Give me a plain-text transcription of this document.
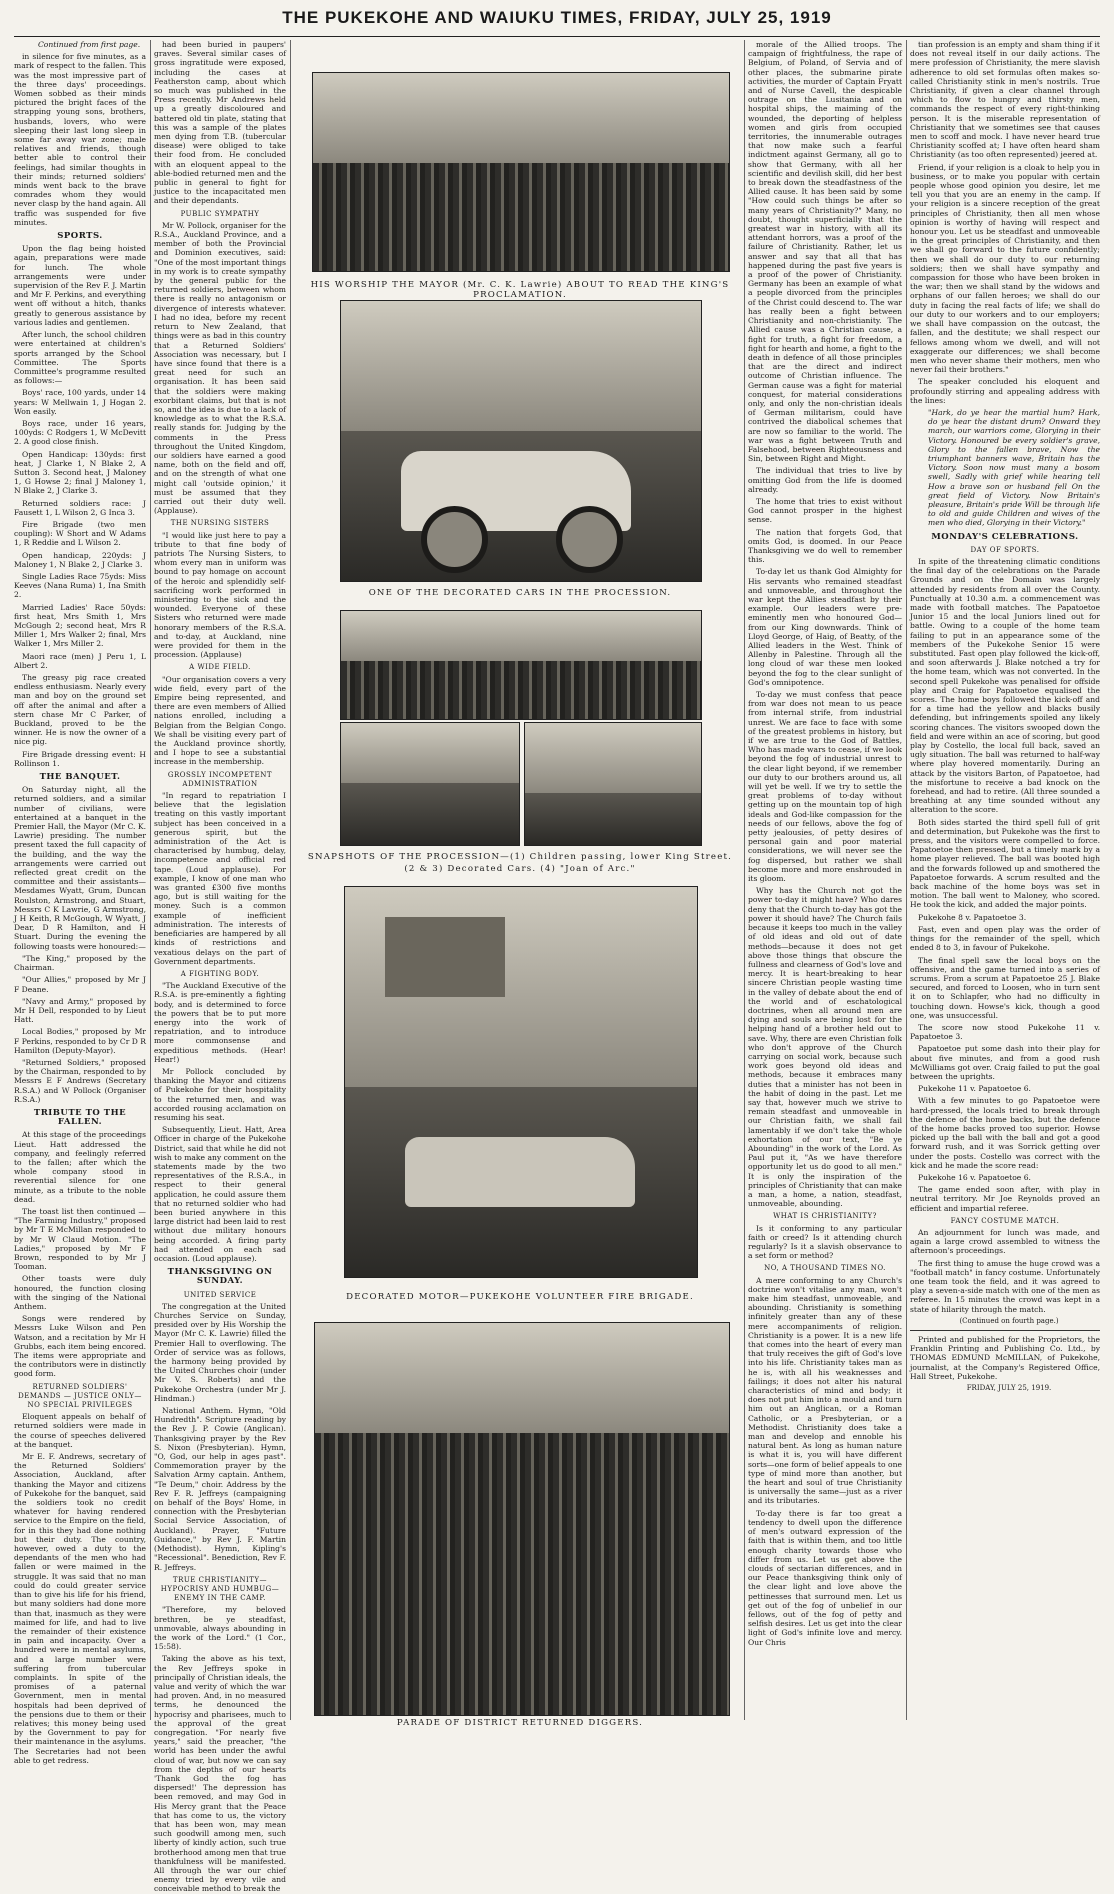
THE PUKEKOHE AND WAIUKU TIMES, FRIDAY, JULY 25, 1919

Continued from first page.

in silence for five minutes, as a mark of respect to the fallen. This was the most impressive part of the three days' proceedings. Women sobbed as their minds pictured the bright faces of the strapping young sons, brothers, husbands, lovers, who were sleeping their last long sleep in some far away war zone; male relatives and friends, though better able to control their feelings, had similar thoughts in their minds; returned soldiers' minds went back to the brave comrades whom they would never clasp by the hand again. All traffic was suspended for five minutes.

SPORTS.

Upon the flag being hoisted again, preparations were made for lunch. The whole arrangements were under supervision of the Rev F. J. Martin and Mr F. Perkins, and everything went off without a hitch, thanks greatly to generous assistance by various ladies and gentlemen.

After lunch, the school children were entertained at children's sports arranged by the School Committee. The Sports Committee's programme resulted as follows:—

Boys' race, 100 yards, under 14 years: W Mellwain 1, J Hogan 2. Won easily.

Boys race, under 16 years, 100yds: C Rodgers 1, W McDevitt 2. A good close finish.

Open Handicap: 130yds: first heat, J Clarke 1, N Blake 2, A Sutton 3. Second heat, J Maloney 1, G Howse 2; final J Maloney 1, N Blake 2, J Clarke 3.

Returned soldiers race: J Fausett 1, L Wilson 2, G Inca 3.

Fire Brigade (two men coupling): W Short and W Adams 1, R Reddie and L Wilson 2.

Open handicap, 220yds: J Maloney 1, N Blake 2, J Clarke 3.

Single Ladies Race 75yds: Miss Keeves (Nana Ruma) 1, Ina Smith 2.

Married Ladies' Race 50yds: first heat, Mrs Smith 1, Mrs McGough 2; second heat, Mrs R Miller 1, Mrs Walker 2; final, Mrs Walker 1, Mrs Miller 2.

Maori race (men) J Peru 1, L Albert 2.

The greasy pig race created endless enthusiasm. Nearly every man and boy on the ground set off after the animal and after a stern chase Mr C Parker, of Buckland, proved to be the winner. He is now the owner of a nice pig.

Fire Brigade dressing event: H Rollinson 1.

THE BANQUET.

On Saturday night, all the returned soldiers, and a similar number of civilians, were entertained at a banquet in the Premier Hall, the Mayor (Mr C. K. Lawrie) presiding. The number present taxed the full capacity of the building, and the way the arrangements were carried out reflected great credit on the committee and their assistants—Mesdames Wyatt, Grum, Duncan Roulston, Armstrong, and Stuart, Messrs C K Lawrie, G Armstrong, J H Keith, R McGough, W Wyatt, J Dear, D R Hamilton, and H Stuart. During the evening the following toasts were honoured:—

"The King," proposed by the Chairman.

"Our Allies," proposed by Mr J F Deane.

"Navy and Army," proposed by Mr H Dell, responded to by Lieut Hatt.

Local Bodies," proposed by Mr F Perkins, responded to by Cr D R Hamilton (Deputy-Mayor).

"Returned Soldiers," proposed by the Chairman, responded to by Messrs E F Andrews (Secretary R.S.A.) and W Pollock (Organiser R.S.A.)

TRIBUTE TO THE FALLEN.

At this stage of the proceedings Lieut. Hatt addressed the company, and feelingly referred to the fallen; after which the whole company stood in reverential silence for one minute, as a tribute to the noble dead.

The toast list then continued — "The Farming Industry," proposed by Mr T E McMillan responded to by Mr W Claud Motion. "The Ladies," proposed by Mr F Brown, responded to by Mr J Tooman.

Other toasts were duly honoured, the function closing with the singing of the National Anthem.

Songs were rendered by Messrs Luke Wilson and Pen Watson, and a recitation by Mr H Grubbs, each item being encored. The items were appropriate and the contributors were in distinctly good form.

RETURNED SOLDIERS' DEMANDS — JUSTICE ONLY—NO SPECIAL PRIVILEGES

Eloquent appeals on behalf of returned soldiers were made in the course of speeches delivered at the banquet.

Mr E. F. Andrews, secretary of the Returned Soldiers' Association, Auckland, after thanking the Mayor and citizens of Pukekohe for the banquet, said the soldiers took no credit whatever for having rendered service to the Empire on the field, for in this they had done nothing but their duty. The country, however, owed a duty to the dependants of the men who had fallen or were maimed in the struggle. It was said that no man could do could greater service than to give his life for his friend, but many soldiers had done more than that, inasmuch as they were maimed for life, and had to live the remainder of their existence in pain and incapacity. Over a hundred were in mental asylums, and a large number were suffering from tubercular complaints. In spite of the promises of a paternal Government, men in mental hospitals had been deprived of the pensions due to them or their relatives; this money being used by the Government to pay for their maintenance in the asylums. The Secretaries had not been able to get redress.

had been buried in paupers' graves. Several similar cases of gross ingratitude were exposed, including the cases at Featherston camp, about which so much was published in the Press recently. Mr Andrews held up a greatly discoloured and battered old tin plate, stating that this was a sample of the plates men dying from T.B. (tubercular disease) were obliged to take their food from. He concluded with an eloquent appeal to the able-bodied returned men and the public in general to fight for justice to the incapacitated men and their dependants.

PUBLIC SYMPATHY

Mr W. Pollock, organiser for the R.S.A., Auckland Province, and a member of both the Provincial and Dominion executives, said: "One of the most important things in my work is to create sympathy by the general public for the returned soldiers, between whom there is really no antagonism or divergence of interests whatever. I had no idea, before my recent return to New Zealand, that things were as bad in this country that a Returned Soldiers' Association was necessary, but I have since found that there is a great need for such an organisation. It has been said that the soldiers were making exorbitant claims, but that is not so, and the idea is due to a lack of knowledge as to what the R.S.A. really stands for. Judging by the comments in the Press throughout the United Kingdom, our soldiers have earned a good name, both on the field and off, and on the strength of what one might call 'outside opinion,' it must be assumed that they carried out their duty well. (Applause).

THE NURSING SISTERS

"I would like just here to pay a tribute to that fine body of patriots The Nursing Sisters, to whom every man in uniform was bound to pay homage on account of the heroic and splendidly self-sacrificing work performed in ministering to the sick and the wounded. Everyone of these Sisters who returned were made honorary members of the R.S.A. and to-day, at Auckland, nine were provided for them in the procession. (Applause)

A WIDE FIELD.

"Our organisation covers a very wide field, every part of the Empire being represented, and there are even members of Allied nations enrolled, including a Belgian from the Belgian Congo. We shall be visiting every part of the Auckland province shortly, and I hope to see a substantial increase in the membership.

GROSSLY INCOMPETENT ADMINISTRATION

"In regard to repatriation I believe that the legislation treating on this vastly important subject has been conceived in a generous spirit, but the administration of the Act is characterised by humbug, delay, incompetence and official red tape. (Loud applause). For example, I know of one man who was granted £300 five months ago, but is still waiting for the money. Such is a common example of inefficient administration. The interests of beneficiaries are hampered by all kinds of restrictions and vexatious delays on the part of Government departments.

A FIGHTING BODY.

"The Auckland Executive of the R.S.A. is pre-eminently a fighting body, and is determined to force the powers that be to put more energy into the work of repatriation, and to introduce more commonsense and expeditious methods. (Hear! Hear!)

Mr Pollock concluded by thanking the Mayor and citizens of Pukekohe for their hospitality to the returned men, and was accorded rousing acclamation on resuming his seat.

Subsequently, Lieut. Hatt, Area Officer in charge of the Pukekohe District, said that while he did not wish to make any comment on the statements made by the two representatives of the R.S.A., in respect to their general application, he could assure them that no returned soldier who had been buried anywhere in this large district had been laid to rest without due military honours being accorded. A firing party had attended on each sad occasion. (Loud applause).

THANKSGIVING ON SUNDAY.
UNITED SERVICE

The congregation at the United Churches Service on Sunday, presided over by His Worship the Mayor (Mr C. K. Lawrie) filled the Premier Hall to overflowing. The Order of service was as follows, the harmony being provided by the United Churches choir (under Mr V. S. Roberts) and the Pukekohe Orchestra (under Mr J. Hindman.)

National Anthem. Hymn, "Old Hundredth". Scripture reading by the Rev J. P. Cowie (Anglican). Thanksgiving prayer by the Rev S. Nixon (Presbyterian). Hymn, "O, God, our help in ages past". Commemoration prayer by the Salvation Army captain. Anthem, "Te Deum," choir. Address by the Rev F. R. Jeffreys (campaigning on behalf of the Boys' Home, in connection with the Presbyterian Social Service Association, of Auckland). Prayer, "Future Guidance," by Rev J. F. Martin (Methodist). Hymn, Kipling's "Recessional". Benediction, Rev F. R. Jeffreys.

TRUE CHRISTIANITY—HYPOCRISY AND HUMBUG—ENEMY IN THE CAMP.

"Therefore, my beloved brethren, be ye steadfast, unmovable, always abounding in the work of the Lord." (1 Cor., 15:58).

Taking the above as his text, the Rev Jeffreys spoke in principally of Christian ideals, the value and verity of which the war had proven. And, in no measured terms, he denounced the hypocrisy and pharisees, much to the approval of the great congregation. "For nearly five years," said the preacher, "the world has been under the awful cloud of war, but now we can say from the depths of our hearts 'Thank God the fog has dispersed!' The depression has been removed, and may God in His Mercy grant that the Peace that has come to us, the victory that has been won, may mean such goodwill among men, such liberty of kindly action, such true brotherhood among men that true thankfulness will be manifested. All through the war our chief enemy tried by every vile and conceivable method to break the

HIS WORSHIP THE MAYOR (Mr. C. K. Lawrie) ABOUT TO READ THE KING'S PROCLAMATION.
ONE OF THE DECORATED CARS IN THE PROCESSION.
SNAPSHOTS OF THE PROCESSION—(1) Children passing, lower King Street.
(2 & 3) Decorated Cars. (4) "Joan of Arc."
DECORATED MOTOR—PUKEKOHE VOLUNTEER FIRE BRIGADE.
PARADE OF DISTRICT RETURNED DIGGERS.

morale of the Allied troops. The campaign of frightfulness, the rape of Belgium, of Poland, of Servia and of other places, the submarine pirate activities, the murder of Captain Fryatt and of Nurse Cavell, the despicable outrage on the Lusitania and on hospital ships, the maiming of the wounded, the deporting of helpless women and girls from occupied territories, the innumerable outrages that now make such a fearful indictment against Germany, all go to show that Germany, with all her scientific and devilish skill, did her best to break down the steadfastness of the Allied cause. It has been said by some "How could such things be after so many years of Christianity?" Many, no doubt, thought superficially that the greatest war in history, with all its attendant horrors, was a proof of the failure of Christianity. Rather, let us answer and say that all that has happened during the past five years is a proof of the power of Christianity. Germany has been an example of what a people divorced from the principles of the Christ could descend to. The war has really been a fight between Christianity and non-christianity. The Allied cause was a Christian cause, a fight for truth, a fight for freedom, a fight for hearth and home, a fight to the death in defence of all those principles that are the direct and indirect outcome of Christian influence. The German cause was a fight for material conquest, for material considerations only, and only the non-christian ideals of German militarism, could have contrived the diabolical schemes that are now so familiar to the world. The war was a fight between Truth and Falsehood, between Righteousness and Sin, between Right and Might.

The individual that tries to live by omitting God from the life is doomed already.

The home that tries to exist without God cannot prosper in the highest sense.

The nation that forgets God, that omits God, is doomed. In our Peace Thanksgiving we do well to remember this.

To-day let us thank God Almighty for His servants who remained steadfast and unmoveable, and throughout the war kept the Allies steadfast by their example. Our leaders were pre-eminently men who honoured God—from our King downwards. Think of Lloyd George, of Haig, of Beatty, of the Allied leaders in the West. Think of Allenby in Palestine. Through all the long cloud of war these men looked beyond the fog to the clear sunlight of God's omnipotence.

To-day we must confess that peace from war does not mean to us peace from internal strife, from industrial unrest. We are face to face with some of the greatest problems in history, but if we are true to the God of Battles, Who has made wars to cease, if we look beyond the fog of industrial unrest to the clear light beyond, if we remember our duty to our brothers around us, all will yet be well. If we try to settle the great problems of to-day without getting up on the mountain top of high ideals and God-like compassion for the needs of our fellows, above the fog of petty jealousies, of petty desires of personal gain and poor material considerations, we will never see the fog dispersed, but rather we shall become more and more enshrouded in its gloom.

Why has the Church not got the power to-day it might have? Who dares deny that the Church to-day has got the power it should have? The Church fails because it keeps too much in the valley of old ideas and old out of date methods—because it does not get above those things that obscure the fullness and clearness of God's love and mercy. It is heart-breaking to hear sincere Christian people wasting time in the valley of debate about the end of the world and of eschatological doctrines, when all around men are dying and souls are being lost for the helping hand of a brother held out to save. Why, there are even Christian folk who don't approve of the Church carrying on social work, because such work goes beyond old ideas and methods, because it embraces many duties that a minister has not been in the habit of doing in the past. Let me say that, however much we strive to remain steadfast and unmoveable in our Christian faith, we shall fail lamentably if we don't take the whole exhortation of our text, "Be ye Abounding" in the work of the Lord. As Paul put it, "As we have therefore opportunity let us do good to all men." It is only the inspiration of the principles of Christianity that can make a man, a home, a nation, steadfast, unmoveable, abounding.

WHAT IS CHRISTIANITY?

Is it conforming to any particular faith or creed? Is it attending church regularly? Is it a slavish observance to a set form or method?

NO, A THOUSAND TIMES NO.

A mere conforming to any Church's doctrine won't vitalise any man, won't make him steadfast, unmoveable, and abounding. Christianity is something infinitely greater than any of these mere accompaniments of religion. Christianity is a power. It is a new life that comes into the heart of every man that truly receives the gift of God's love into his life. Christianity takes man as he is, with all his weaknesses and failings; it does not alter his natural characteristics of mind and body; it does not put him into a mould and turn him out an Anglican, or a Roman Catholic, or a Presbyterian, or a Methodist. Christianity does take a man and develop and ennoble his natural bent. As long as human nature is what it is, you will have different sorts—one form of belief appeals to one type of mind more than another, but the heart and soul of true Christianity is universally the same—just as a river and its tributaries.

To-day there is far too great a tendency to dwell upon the difference of men's outward expression of the faith that is within them, and too little enough charity towards those who differ from us. Let us get above the clouds of sectarian differences, and in our Peace thanksgiving think only of the clear light and love above the pettinesses that surround men. Let us get out of the fog of unbelief in our fellows, out of the fog of petty and selfish desires. Let us get into the clear light of God's infinite love and mercy. Our Chris

tian profession is an empty and sham thing if it does not reveal itself in our daily actions. The mere profession of Christianity, the mere slavish adherence to old set formulas often makes so-called Christianity stink in men's nostrils. True Christianity, if given a clear channel through which to flow to hungry and thirsty men, commands the respect of every right-thinking person. It is the miserable representation of Christianity that we sometimes see that causes men to scoff and mock. I have never heard true Christianity scoffed at; I have often heard sham Christianity (as too often represented) jeered at.

Friend, if your religion is a cloak to help you in business, or to make you popular with certain people whose good opinion you desire, let me tell you that you are an enemy in the camp. If your religion is a sincere reception of the great principles of Christianity, then all men whose opinion is worthy of having will respect and honour you. Let us be steadfast and unmoveable in the great principles of Christianity, and then we shall go forward to the future confidently; then we shall do our duty to our returning soldiers; then we shall have sympathy and compassion for those who have been broken in the war; then we shall stand by the widows and orphans of our fallen heroes; we shall do our duty in facing the real facts of life; we shall do our duty to our workers and to our employers; we shall have compassion on the outcast, the fallen, and the destitute; we shall respect our fellows among whom we dwell, and will not exaggerate our differences; we shall become men who never shame their mothers, men who never fail their brothers."

The speaker concluded his eloquent and profoundly stirring and appealing address with the lines:

"Hark, do ye hear the martial hum? Hark, do ye hear the distant drum? Onward they march, our warriors come, Glorying in their Victory. Honoured be every soldier's grave, Glory to the fallen brave, Now the triumphant banners wave, Britain has the Victory. Soon now must many a bosom swell, Sadly with grief while hearing tell How a brave son or husband fell On the great field of Victory. Now Britain's pleasure, Britain's pride Will be through life to old and guide Children and wives of the men who died, Glorying in their Victory."

MONDAY'S CELEBRATIONS.
DAY OF SPORTS.

In spite of the threatening climatic conditions the final day of the celebrations on the Parade Grounds and on the Domain was largely attended by residents from all over the County. Punctually at 10.30 a.m. a commencement was made with football matches. The Papatoetoe Junior 15 and the local Juniors lined out for battle. Owing to a couple of the home team failing to put in an appearance some of the members of the Pukekohe Senior 15 were substituted. Fast open play followed the kick-off, and soon afterwards J. Blake notched a try for the home team, which was not converted. In the second spell Pukekohe was penalised for offside play and Craig for Papatoetoe equalised the scores. The home boys followed the kick-off and for a time had the yellow and blacks busily defending, but infringements spoiled any likely scoring chances. The visitors swooped down the field and were within an ace of scoring, but good play by Costello, the local full back, saved an ugly situation. The ball was returned to half-way where play hovered momentarily. During an attack by the visitors Barton, of Papatoetoe, had the misfortune to receive a bad knock on the forehead, and had to retire. (All three sounded a breathing at any time sounded without any alteration to the score.

Both sides started the third spell full of grit and determination, but Pukekohe was the first to press, and the visitors were compelled to force. Papatoetoe then pressed, but a timely mark by a home player relieved. The ball was booted high and the forwards followed up and smothered the Papatoetoe forwards. A scrum resulted and the back machine of the home boys was set in motion. The ball went to Maloney, who scored. He took the kick, and added the major points.

Pukekohe 8 v. Papatoetoe 3.

Fast, even and open play was the order of things for the remainder of the spell, which ended 8 to 3, in favour of Pukekohe.

The final spell saw the local boys on the offensive, and the game turned into a series of scrums. From a scrum at Papatoetoe 25 J. Blake secured, and forced to Loosen, who in turn sent it on to Schlapfer, who had no difficulty in touching down. Howse's kick, though a good one, was unsuccessful.

The score now stood Pukekohe 11 v. Papatoetoe 3.

Papatoetoe put some dash into their play for about five minutes, and from a good rush McWilliams got over. Craig failed to put the goal between the uprights.

Pukekohe 11 v. Papatoetoe 6.

With a few minutes to go Papatoetoe were hard-pressed, the locals tried to break through the defence of the home backs, but the defence of the home backs proved too superior. Howse picked up the ball with the ball and got a good forward rush, and it was Sorrick getting over under the posts. Costello was correct with the kick and he made the score read:

Pukekohe 16 v. Papatoetoe 6.

The game ended soon after, with play in neutral territory. Mr Joe Reynolds proved an efficient and impartial referee.

FANCY COSTUME MATCH.

An adjournment for lunch was made, and again a large crowd assembled to witness the afternoon's proceedings.

The first thing to amuse the huge crowd was a "football match" in fancy costume. Unfortunately one team took the field, and it was agreed to play a seven-a-side match with one of the men as referee. In 15 minutes the crowd was kept in a state of hilarity through the match.

(Continued on fourth page.)

Printed and published for the Proprietors, the Franklin Printing and Publishing Co. Ltd., by THOMAS EDMUND McMILLAN, of Pukekohe, journalist, at the Company's Registered Office, Hall Street, Pukekohe.

FRIDAY, JULY 25, 1919.
